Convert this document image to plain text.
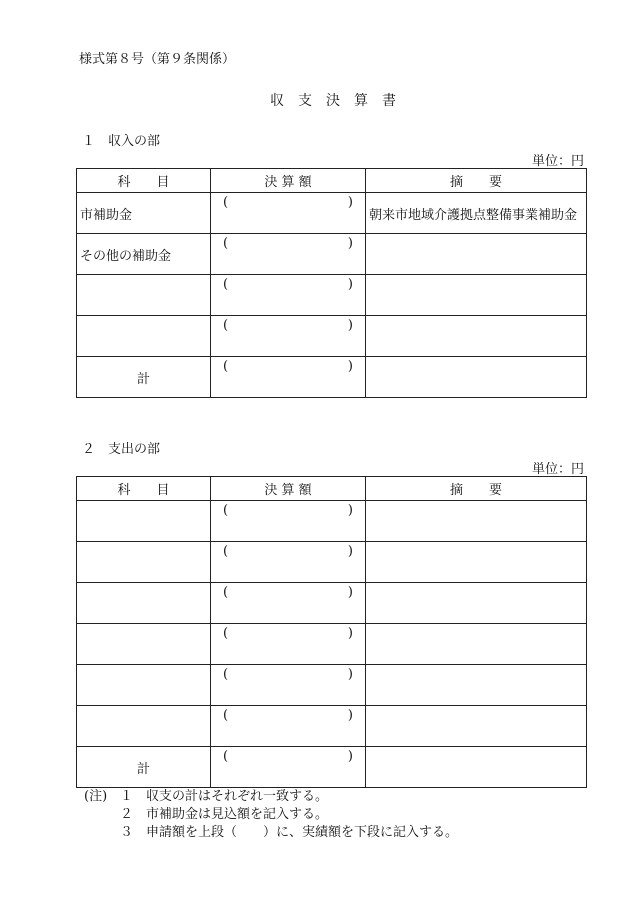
様式第８号（第９条関係）
収　支　決　算　書
１　収入の部
単位：円
科　　目	決 算 額	摘　　要
市補助金	( )	朝来市地域介護拠点整備事業補助金
その他の補助金	( )	

	( )	

	( )	

計	( )	

２　支出の部
単位：円
科　　目	決 算 額	摘　　要

	( )	

	( )	

	( )	

	( )	

	( )	

	( )	

計	( )	

(注) １　収支の計はそれぞれ一致する。
２　市補助金は見込額を記入する。
３　申請額を上段（　　）に、実績額を下段に記入する。
